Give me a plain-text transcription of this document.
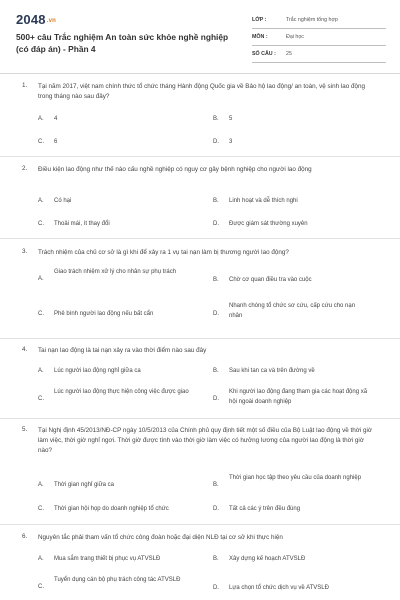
2048.vn
500+ câu Trắc nghiệm An toàn sức khỏe nghề nghiệp (có đáp án) - Phần 4
LỚP :	Trắc nghiệm tổng hợp
MÔN :	Đại học
SỐ CÂU : 25
1. Tại năm 2017, việt nam chính thức tổ chức tháng Hành động Quốc gia về Bảo hộ lao động/ an toàn, vệ sinh lao động trong tháng nào sau đây?
A. 4	B. 5
C. 6	D. 3
2. Điều kiện lao động như thế nào cấu nghề nghiệp có nguy cơ gây bệnh nghiệp cho người lao động
A. Có hại	B. Linh hoạt và dễ thích nghi
C. Thoải mái, ít thay đổi	D. Được giám sát thường xuyên
3. Trách nhiệm của chủ cơ sở là gì khi để xảy ra 1 vụ tai nạn làm bị thương người lao động?
A.
Giao trách nhiệm xử lý cho nhân sự phụ trách
B. Chờ cơ quan điều tra vào cuộc
C. Phê bình người lao động nếu bất cẩn	D.
Nhanh chóng tổ chức sơ cứu, cấp cứu cho nạn nhân
4. Tai nạn lao động là tai nạn xảy ra vào thời điểm nào sau đây
A. Lúc người lao động nghỉ giữa ca	B. Sau khi tan ca và trên đường về
C.
Lúc người lao động thực hiện công việc được giao
D.
Khi người lao động đang tham gia các hoạt động xã hội ngoài doanh nghiệp
5. Tại Nghị định 45/2013/NĐ-CP ngày 10/5/2013 của Chính phủ quy định tiết một số điều của Bộ Luật lao động về thời giờ làm việc, thời giờ nghỉ ngơi. Thời giờ được tính vào thời giờ làm việc có hưởng lương của người lao động là thời giờ nào?
A. Thời gian nghỉ giữa ca	B.
Thời gian học tập theo yêu cầu của doanh nghiệp
C. Thời gian hội họp do doanh nghiệp tổ chức	D. Tất cả các ý trên đều đúng
6. Nguyên tắc phải tham vấn tổ chức công đoàn hoặc đại diện NLĐ tại cơ sở khi thực hiện
A. Mua sắm trang thiết bị phục vụ ATVSLĐ	B. Xây dựng kế hoạch ATVSLĐ
C.
Tuyển dụng cán bộ phụ trách công tác ATVSLĐ
D. Lựa chọn tổ chức dịch vụ về ATVSLĐ
